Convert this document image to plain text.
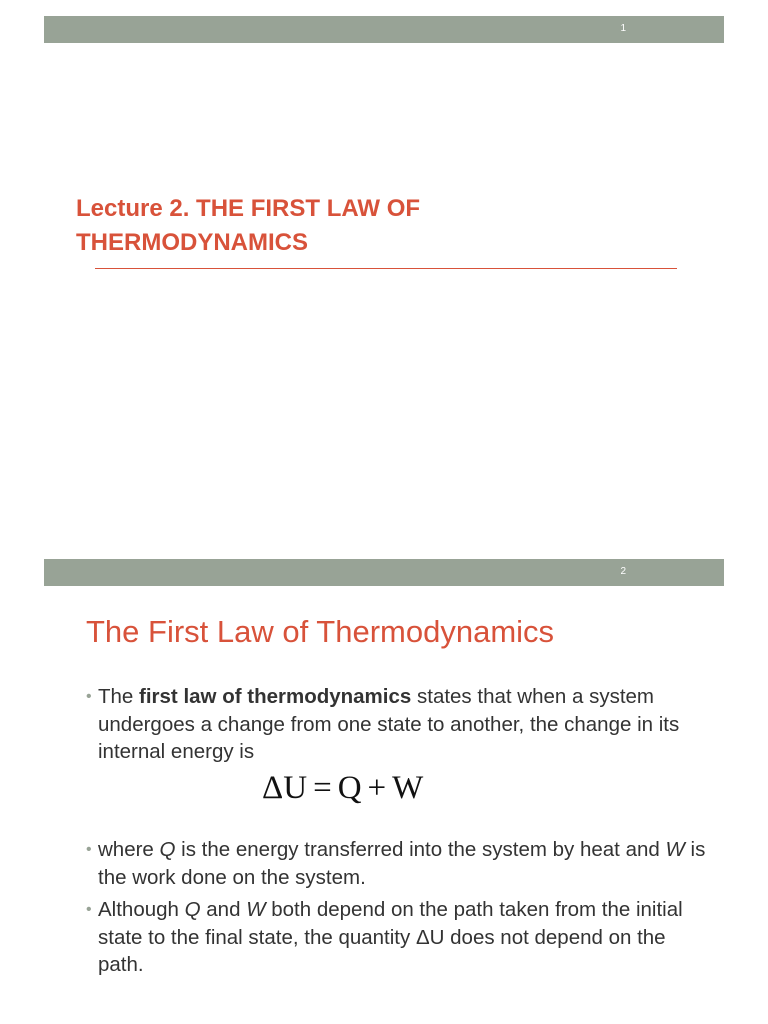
1
Lecture 2. THE FIRST LAW OF
THERMODYNAMICS
2
The First Law of Thermodynamics
• The first law of thermodynamics states that when a system undergoes a change from one state to another, the change in its internal energy is
ΔU = Q + W
• where Q is the energy transferred into the system by heat and W is the work done on the system.
• Although Q and W both depend on the path taken from the initial state to the final state, the quantity ΔU does not depend on the path.
